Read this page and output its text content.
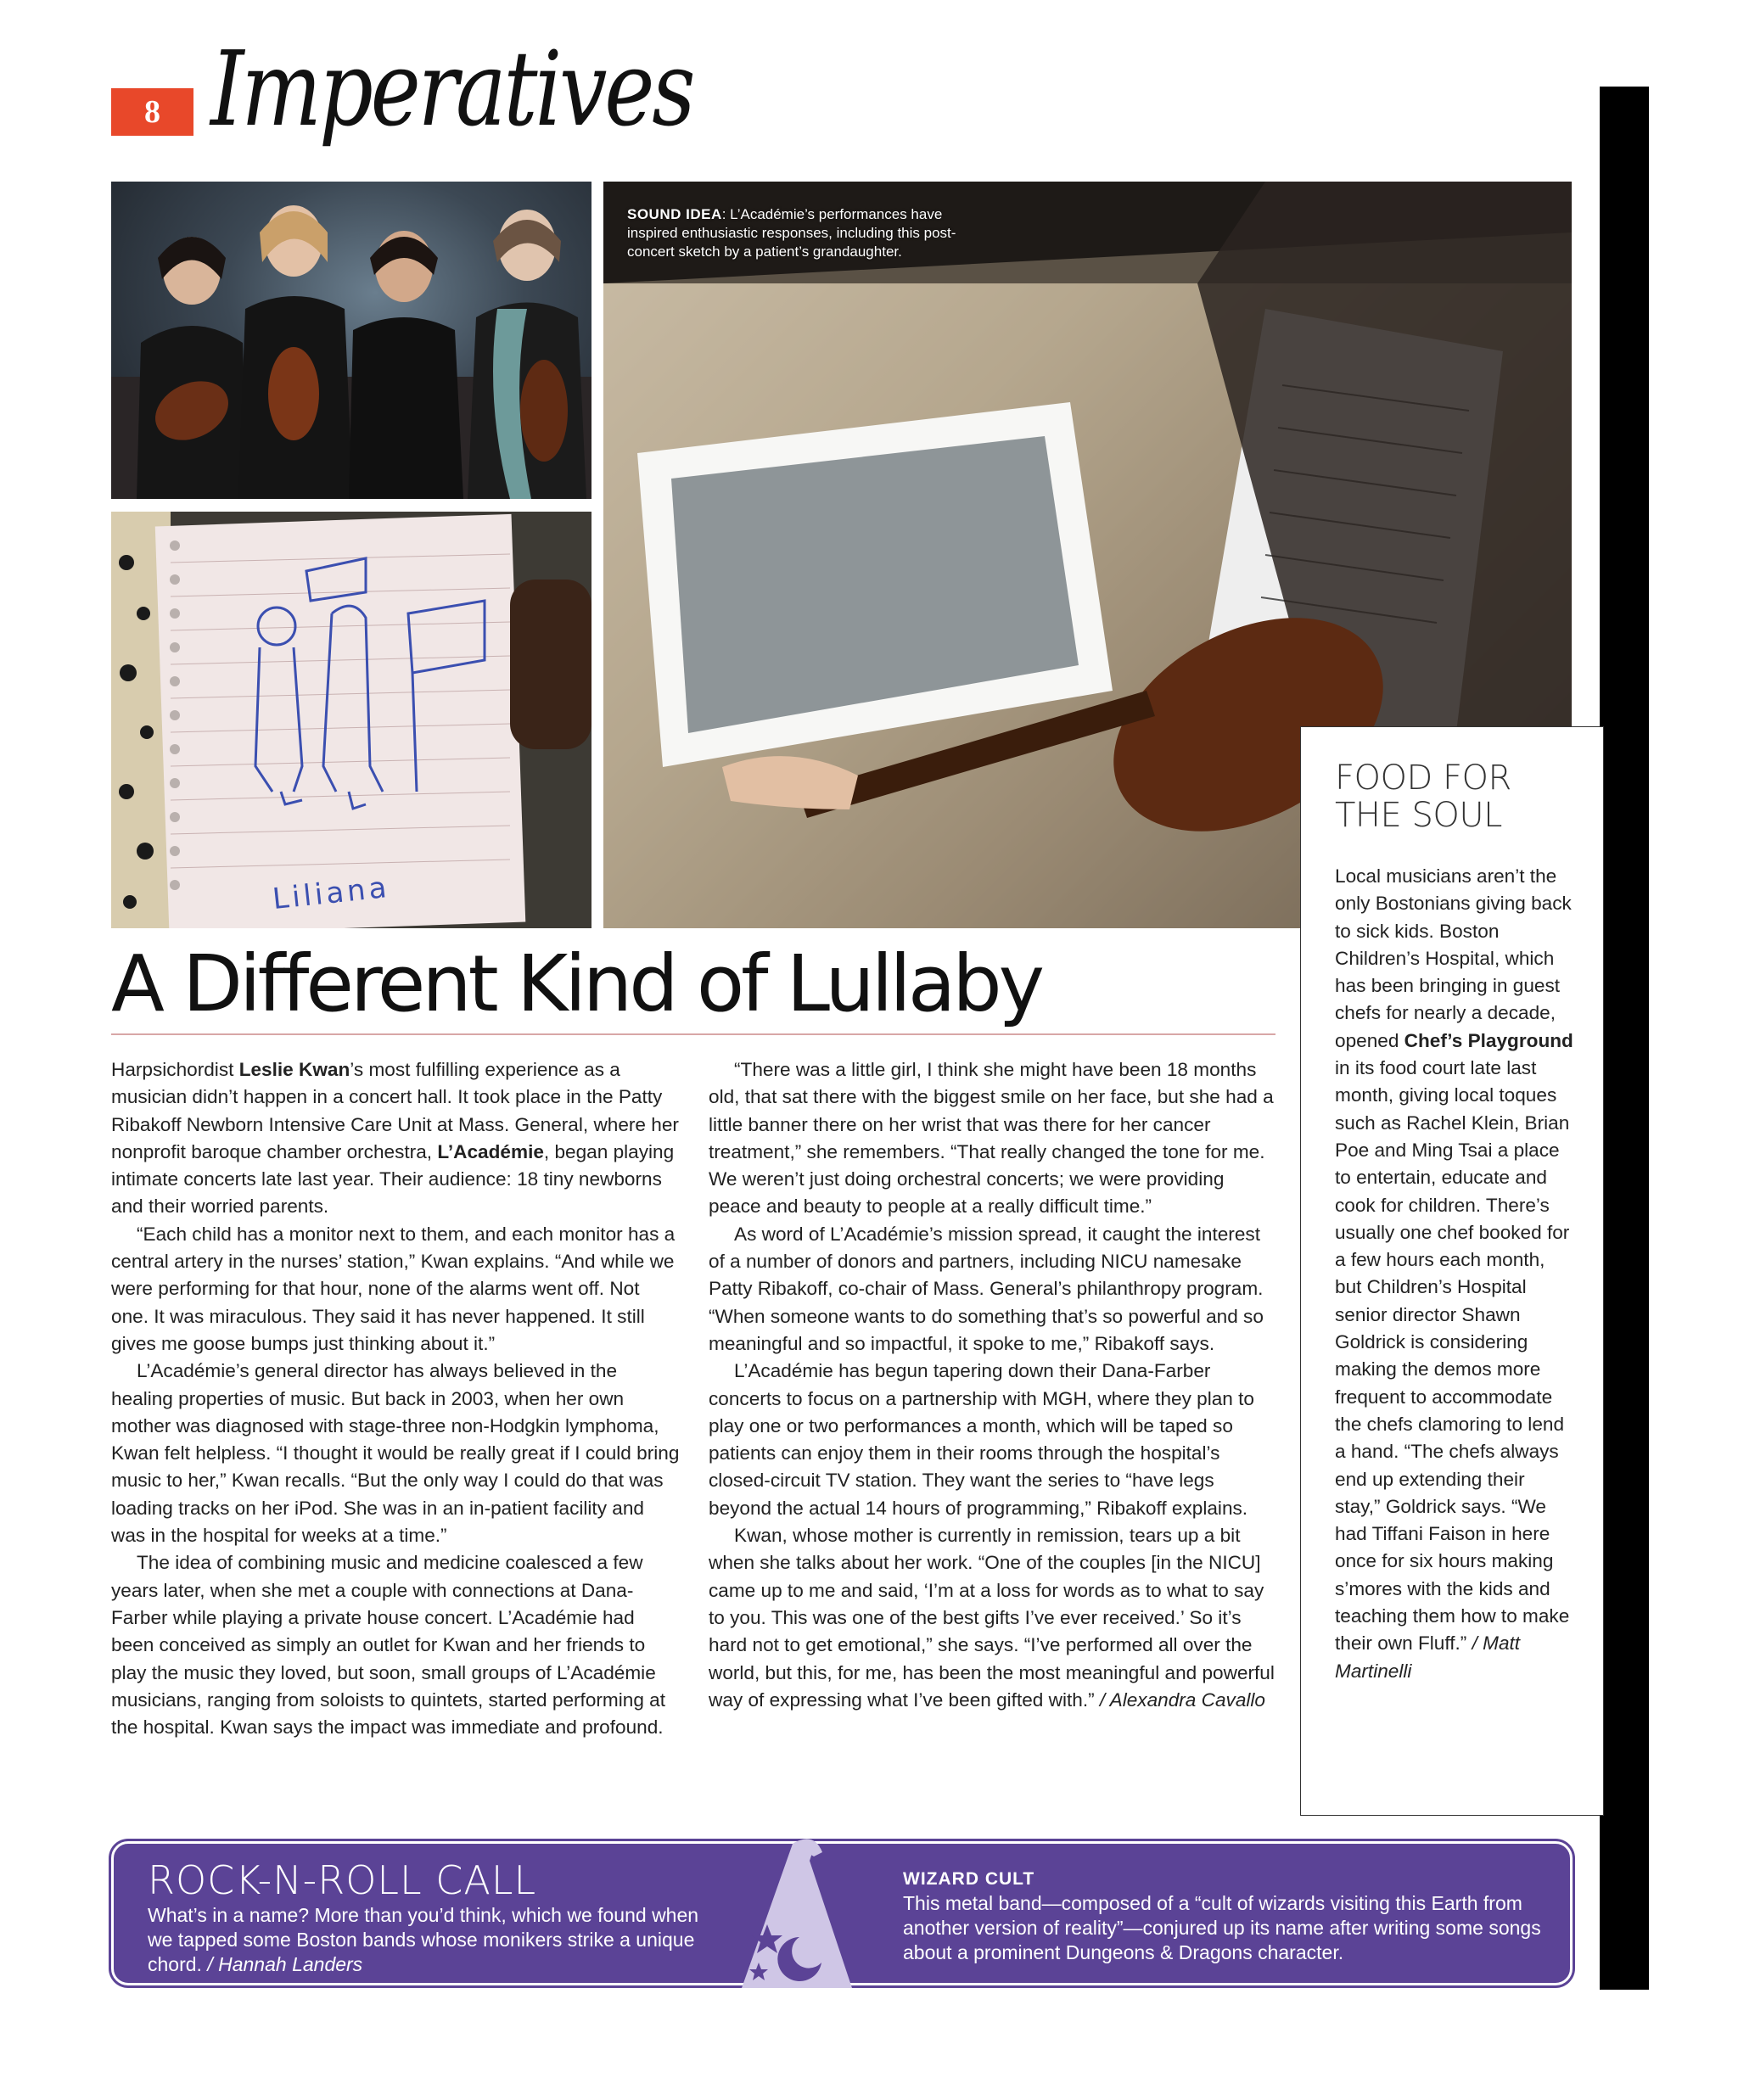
8 Imperatives
Liliana
SOUND IDEA: L’Académie’s performances have inspired enthusiastic responses, including this post-concert sketch by a patient’s grandaughter.
A Different Kind of Lullaby

Harpsichordist Leslie Kwan’s most fulfilling experience as a musician didn’t happen in a concert hall. It took place in the Patty Ribakoff Newborn Intensive Care Unit at Mass. General, where her nonprofit baroque chamber orchestra, L’Académie, began playing intimate concerts late last year. Their audience: 18 tiny newborns and their worried parents.

“Each child has a monitor next to them, and each monitor has a central artery in the nurses’ station,” Kwan explains. “And while we were performing for that hour, none of the alarms went off. Not one. It was miraculous. They said it has never happened. It still gives me goose bumps just thinking about it.”

L’Académie’s general director has always believed in the healing properties of music. But back in 2003, when her own mother was diagnosed with stage-three non-Hodgkin lymphoma, Kwan felt helpless. “I thought it would be really great if I could bring music to her,” Kwan recalls. “But the only way I could do that was loading tracks on her iPod. She was in an in-patient facility and was in the hospital for weeks at a time.”

The idea of combining music and medicine coalesced a few years later, when she met a couple with connections at Dana-Farber while playing a private house concert. L’Académie had been conceived as simply an outlet for Kwan and her friends to play the music they loved, but soon, small groups of L’Académie musicians, ranging from soloists to quintets, started performing at the hospital. Kwan says the impact was immediate and profound.

“There was a little girl, I think she might have been 18 months old, that sat there with the biggest smile on her face, but she had a little banner there on her wrist that was there for her cancer treatment,” she remembers. “That really changed the tone for me. We weren’t just doing orchestral concerts; we were providing peace and beauty to people at a really difficult time.”

As word of L’Académie’s mission spread, it caught the interest of a number of donors and partners, including NICU namesake Patty Ribakoff, co-chair of Mass. General’s philanthropy program. “When someone wants to do something that’s so powerful and so meaningful and so impactful, it spoke to me,” Ribakoff says.

L’Académie has begun tapering down their Dana-Farber concerts to focus on a partnership with MGH, where they plan to play one or two performances a month, which will be taped so patients can enjoy them in their rooms through the hospital’s closed-circuit TV station. They want the series to “have legs beyond the actual 14 hours of programming,” Ribakoff explains.

Kwan, whose mother is currently in remission, tears up a bit when she talks about her work. “One of the couples [in the NICU] came up to me and said, ‘I’m at a loss for words as to what to say to you. This was one of the best gifts I’ve ever received.’ So it’s hard not to get emotional,” she says. “I’ve performed all over the world, but this, for me, has been the most meaningful and powerful way of expressing what I’ve been gifted with.” / Alexandra Cavallo

FOOD FOR THE SOUL
Local musicians aren’t the only Bostonians giving back to sick kids. Boston Children’s Hospital, which has been bringing in guest chefs for nearly a decade, opened Chef’s Playground in its food court late last month, giving local toques such as Rachel Klein, Brian Poe and Ming Tsai a place to entertain, educate and cook for children. There’s usually one chef booked for a few hours each month, but Children’s Hospital senior director Shawn Goldrick is considering making the demos more frequent to accommodate the chefs clamoring to lend a hand. “The chefs always end up extending their stay,” Goldrick says. “We had Tiffani Faison in here once for six hours making s’mores with the kids and teaching them how to make their own Fluff.” / Matt Martinelli
ROCK-N-ROLL CALL
What’s in a name? More than you’d think, which we found when we tapped some Boston bands whose monikers strike a unique chord. / Hannah Landers
WIZARD CULT
This metal band—composed of a “cult of wizards visiting this Earth from another version of reality”—conjured up its name after writing some songs about a prominent Dungeons & Dragons character.
